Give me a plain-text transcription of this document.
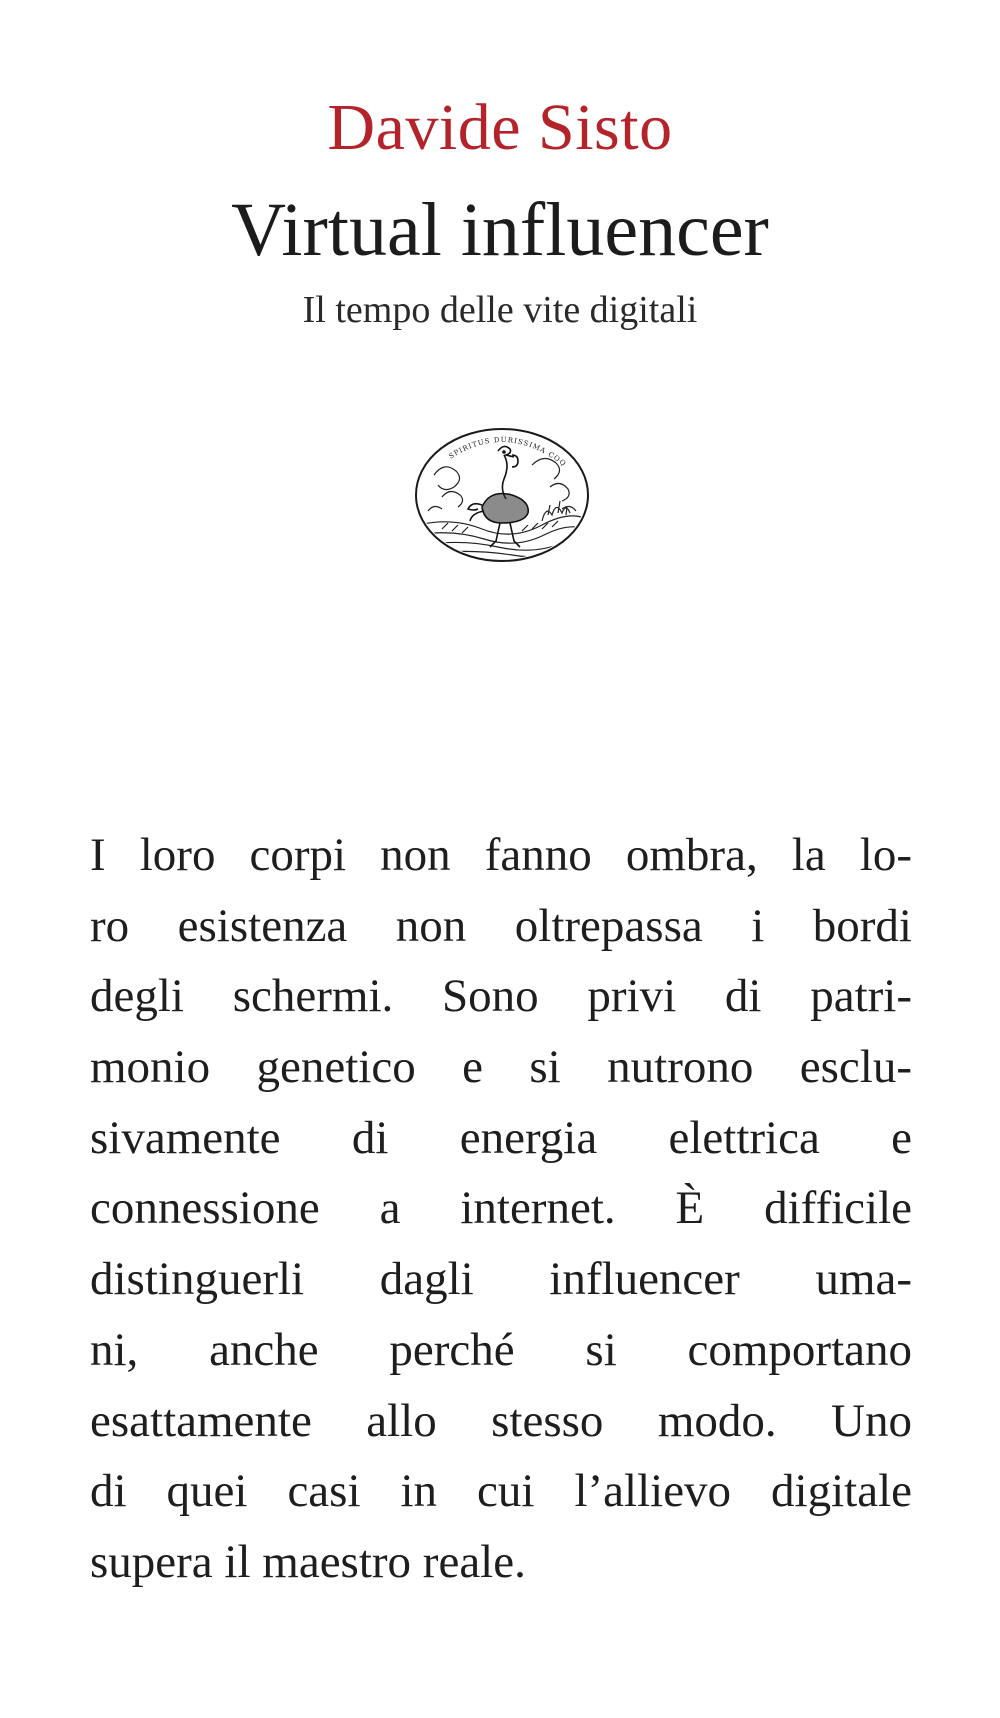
Davide Sisto
Virtual influencer
Il tempo delle vite digitali
SPIRITUS DURISSIMA COQ
I loro corpi non fanno ombra, la lo-
ro esistenza non oltrepassa i bordi
degli schermi. Sono privi di patri-
monio genetico e si nutrono esclu-
sivamente di energia elettrica e
connessione a internet. È difficile
distinguerli dagli influencer uma-
ni, anche perché si comportano
esattamente allo stesso modo. Uno
di quei casi in cui l’allievo digitale
supera il maestro reale.
